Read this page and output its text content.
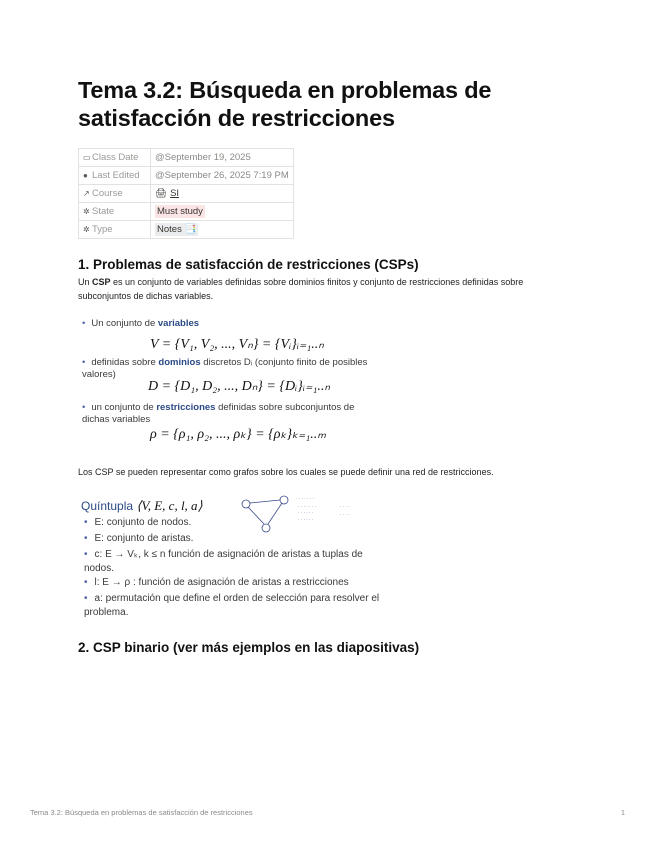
Tema 3.2: Búsqueda en problemas de satisfacción de restricciones
▭Class Date	@September 19, 2025
● Last Edited	@September 26, 2025 7:19 PM
↗ Course	🖨 SI
✲ State	Must study
✲ Type	Notes 📑
1. Problemas de satisfacción de restricciones (CSPs)

Un CSP es un conjunto de variables definidas sobre dominios finitos y conjunto de restricciones definidas sobre subconjuntos de dichas variables.

• Un conjunto de variables
V = {V₁, V₂, ..., Vₙ} = {Vᵢ}ᵢ₌₁..ₙ
• definidas sobre dominios discretos Dᵢ (conjunto finito de posibles valores)
D = {D₁, D₂, ..., Dₙ} = {Dᵢ}ᵢ₌₁..ₙ
• un conjunto de restricciones definidas sobre subconjuntos de dichas variables
ρ = {ρ₁, ρ₂, ..., ρₖ} = {ρₖ}ₖ₌₁..ₘ

Los CSP se pueden representar como grafos sobre los cuales se puede definir una red de restricciones.

Quíntupla ⟨V, E, c, l, a⟩
• E: conjunto de nodos.
• E: conjunto de aristas.
• c: E → Vₖ, k ≤ n función de asignación de aristas a tuplas de nodos.
• l: E → ρ : función de asignación de aristas a restricciones
• a: permutación que define el orden de selección para resolver el problema.
· · · · · · ·
· · · · · · ·
· · · · · ·
· · · · · ·
· · · ·
· · · ·
2. CSP binario (ver más ejemplos en las diapositivas)
Tema 3.2: Búsqueda en problemas de satisfacción de restricciones	1
